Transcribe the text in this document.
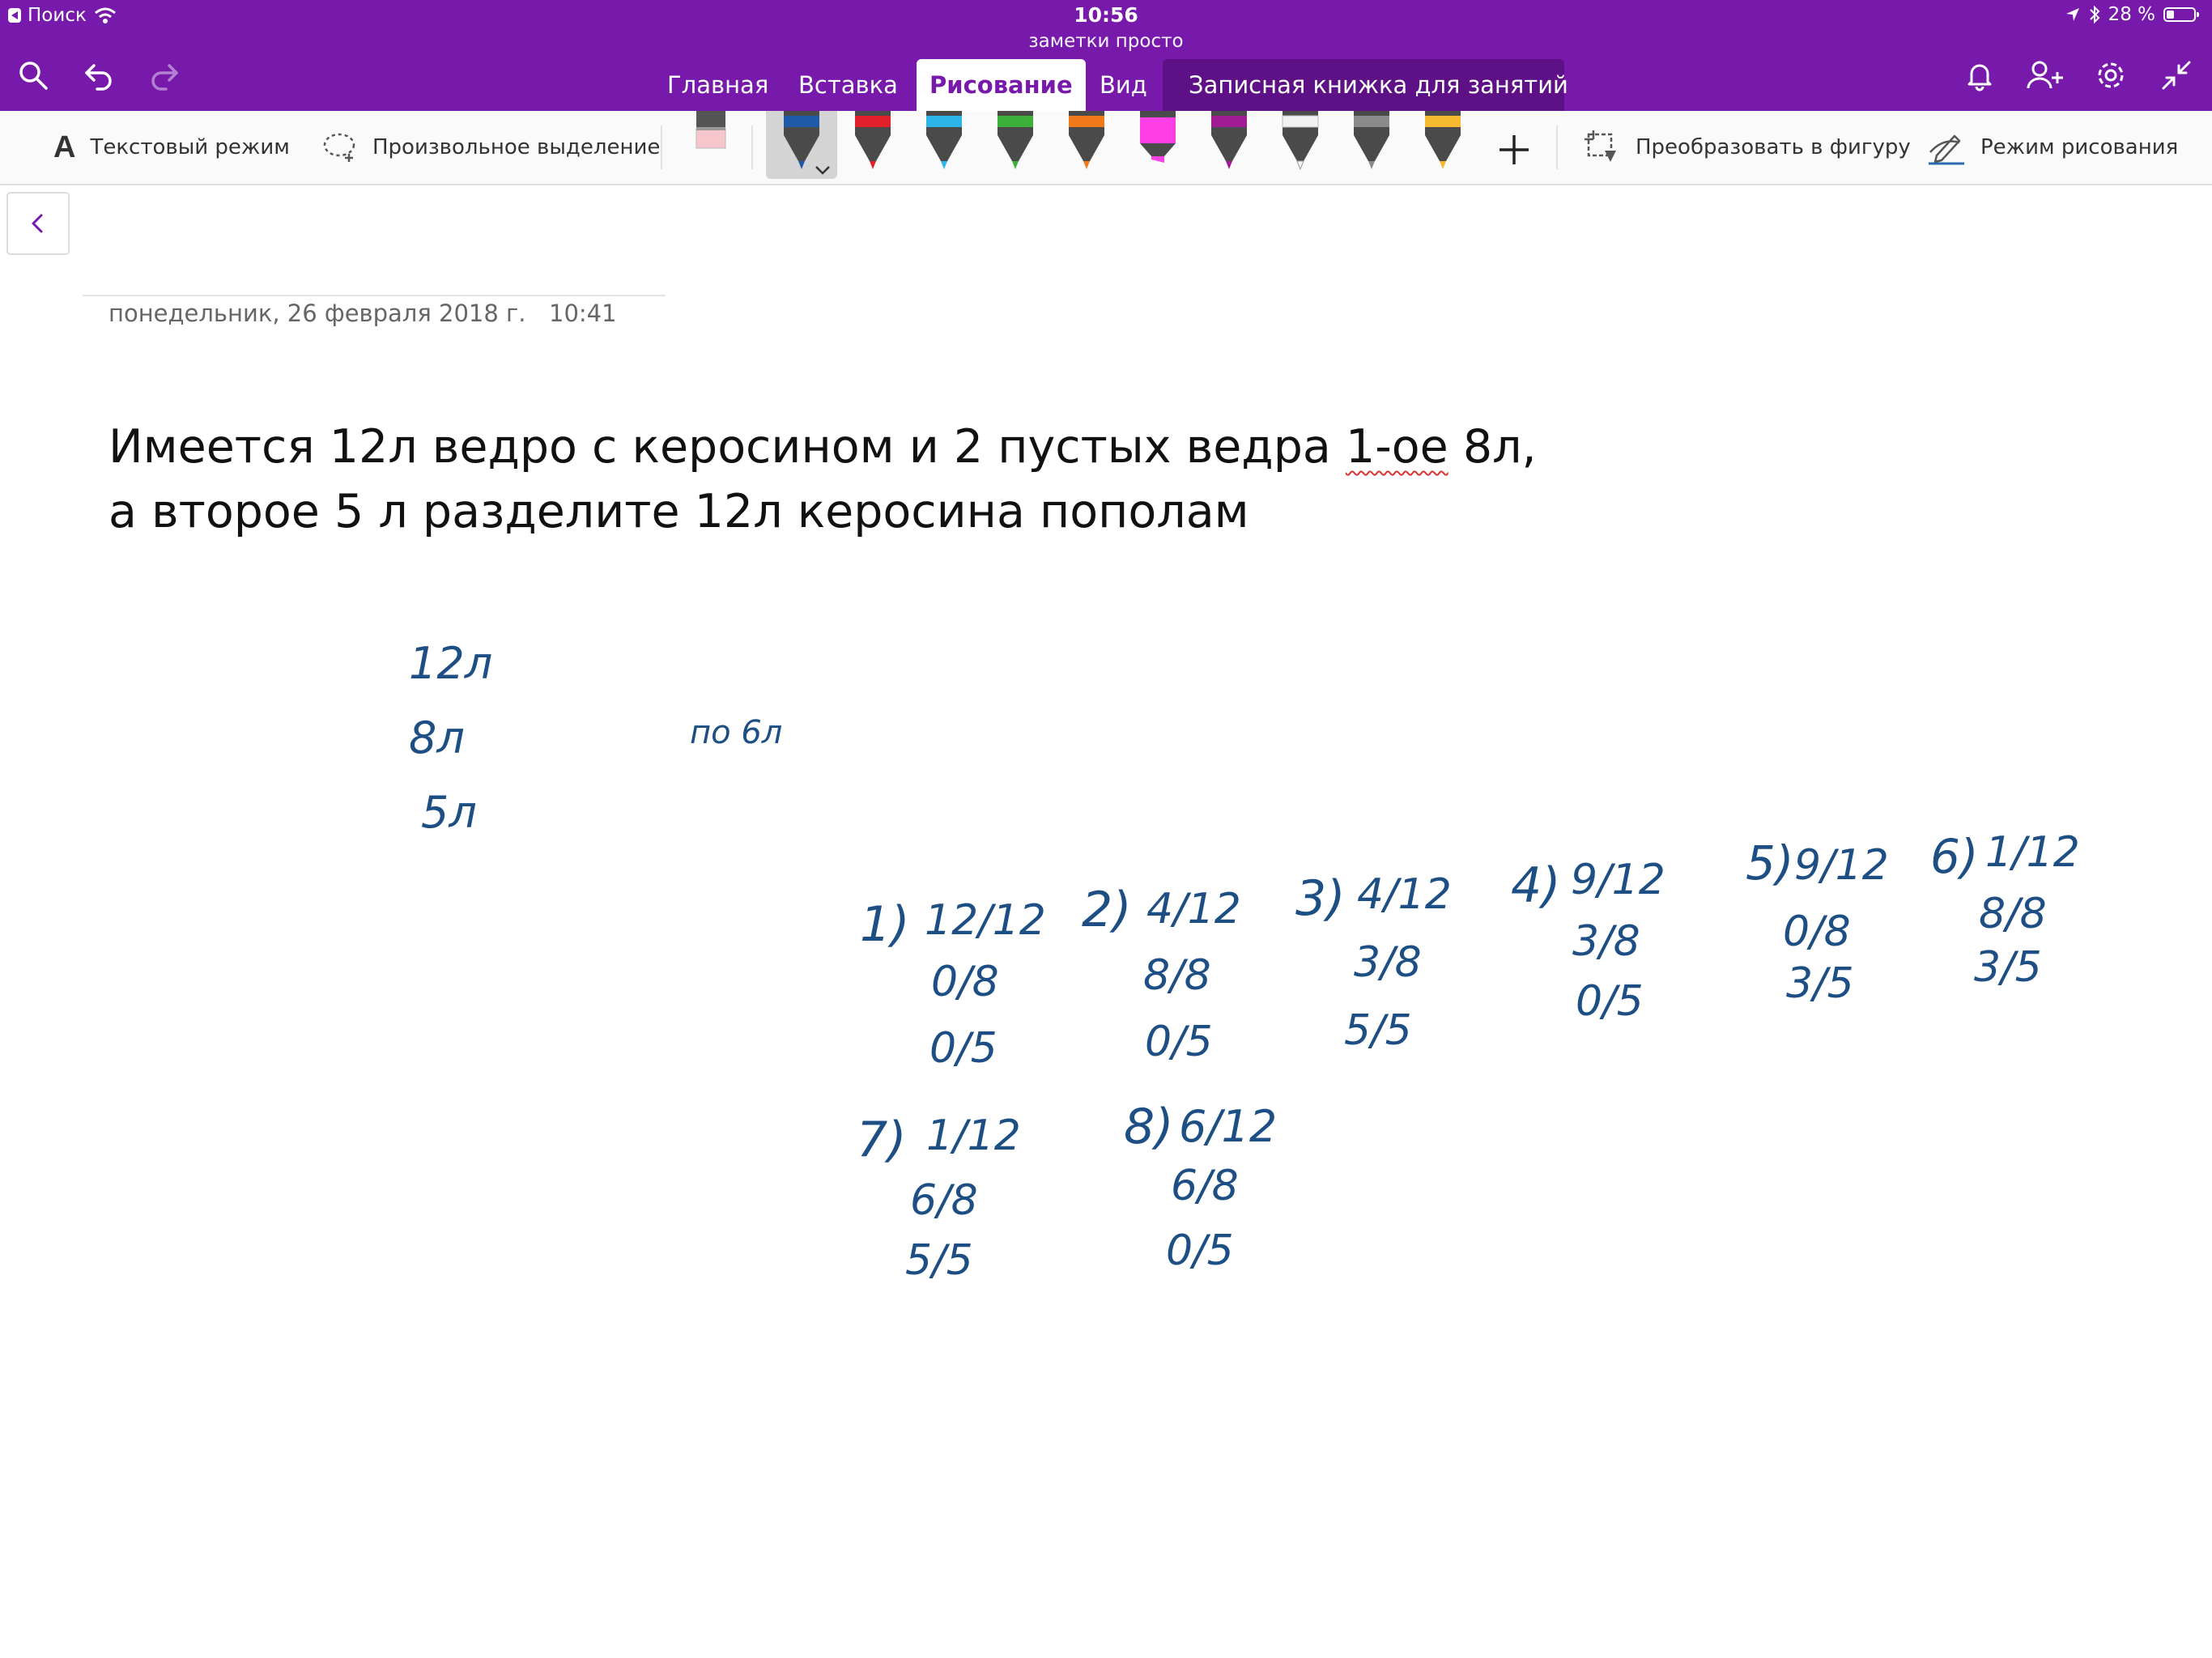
Поиск	10:56
заметки просто
28 %
Главная	Вставка	Рисование	Вид	Записная книжка для занятий
A Текстовый режим	Произвольное выделение	Преобразовать в фигуру	Режим рисования
понедельник, 26 февраля 2018 г. 10:41
Имеется 12л ведро с керосином и 2 пустых ведра 1-ое 8л, а второе 5 л разделите 12л керосина пополам
12л
8л
5л
по 6л
1) 12/12
0/8
0/5
2) 4/12
8/8
0/5
3) 4/12
3/8
5/5
4) 9/12
3/8
0/5
5) 9/12
0/8
3/5
6) 1/12
8/8
3/5
7) 1/12
6/8
5/5
8) 6/12
6/8
0/5
